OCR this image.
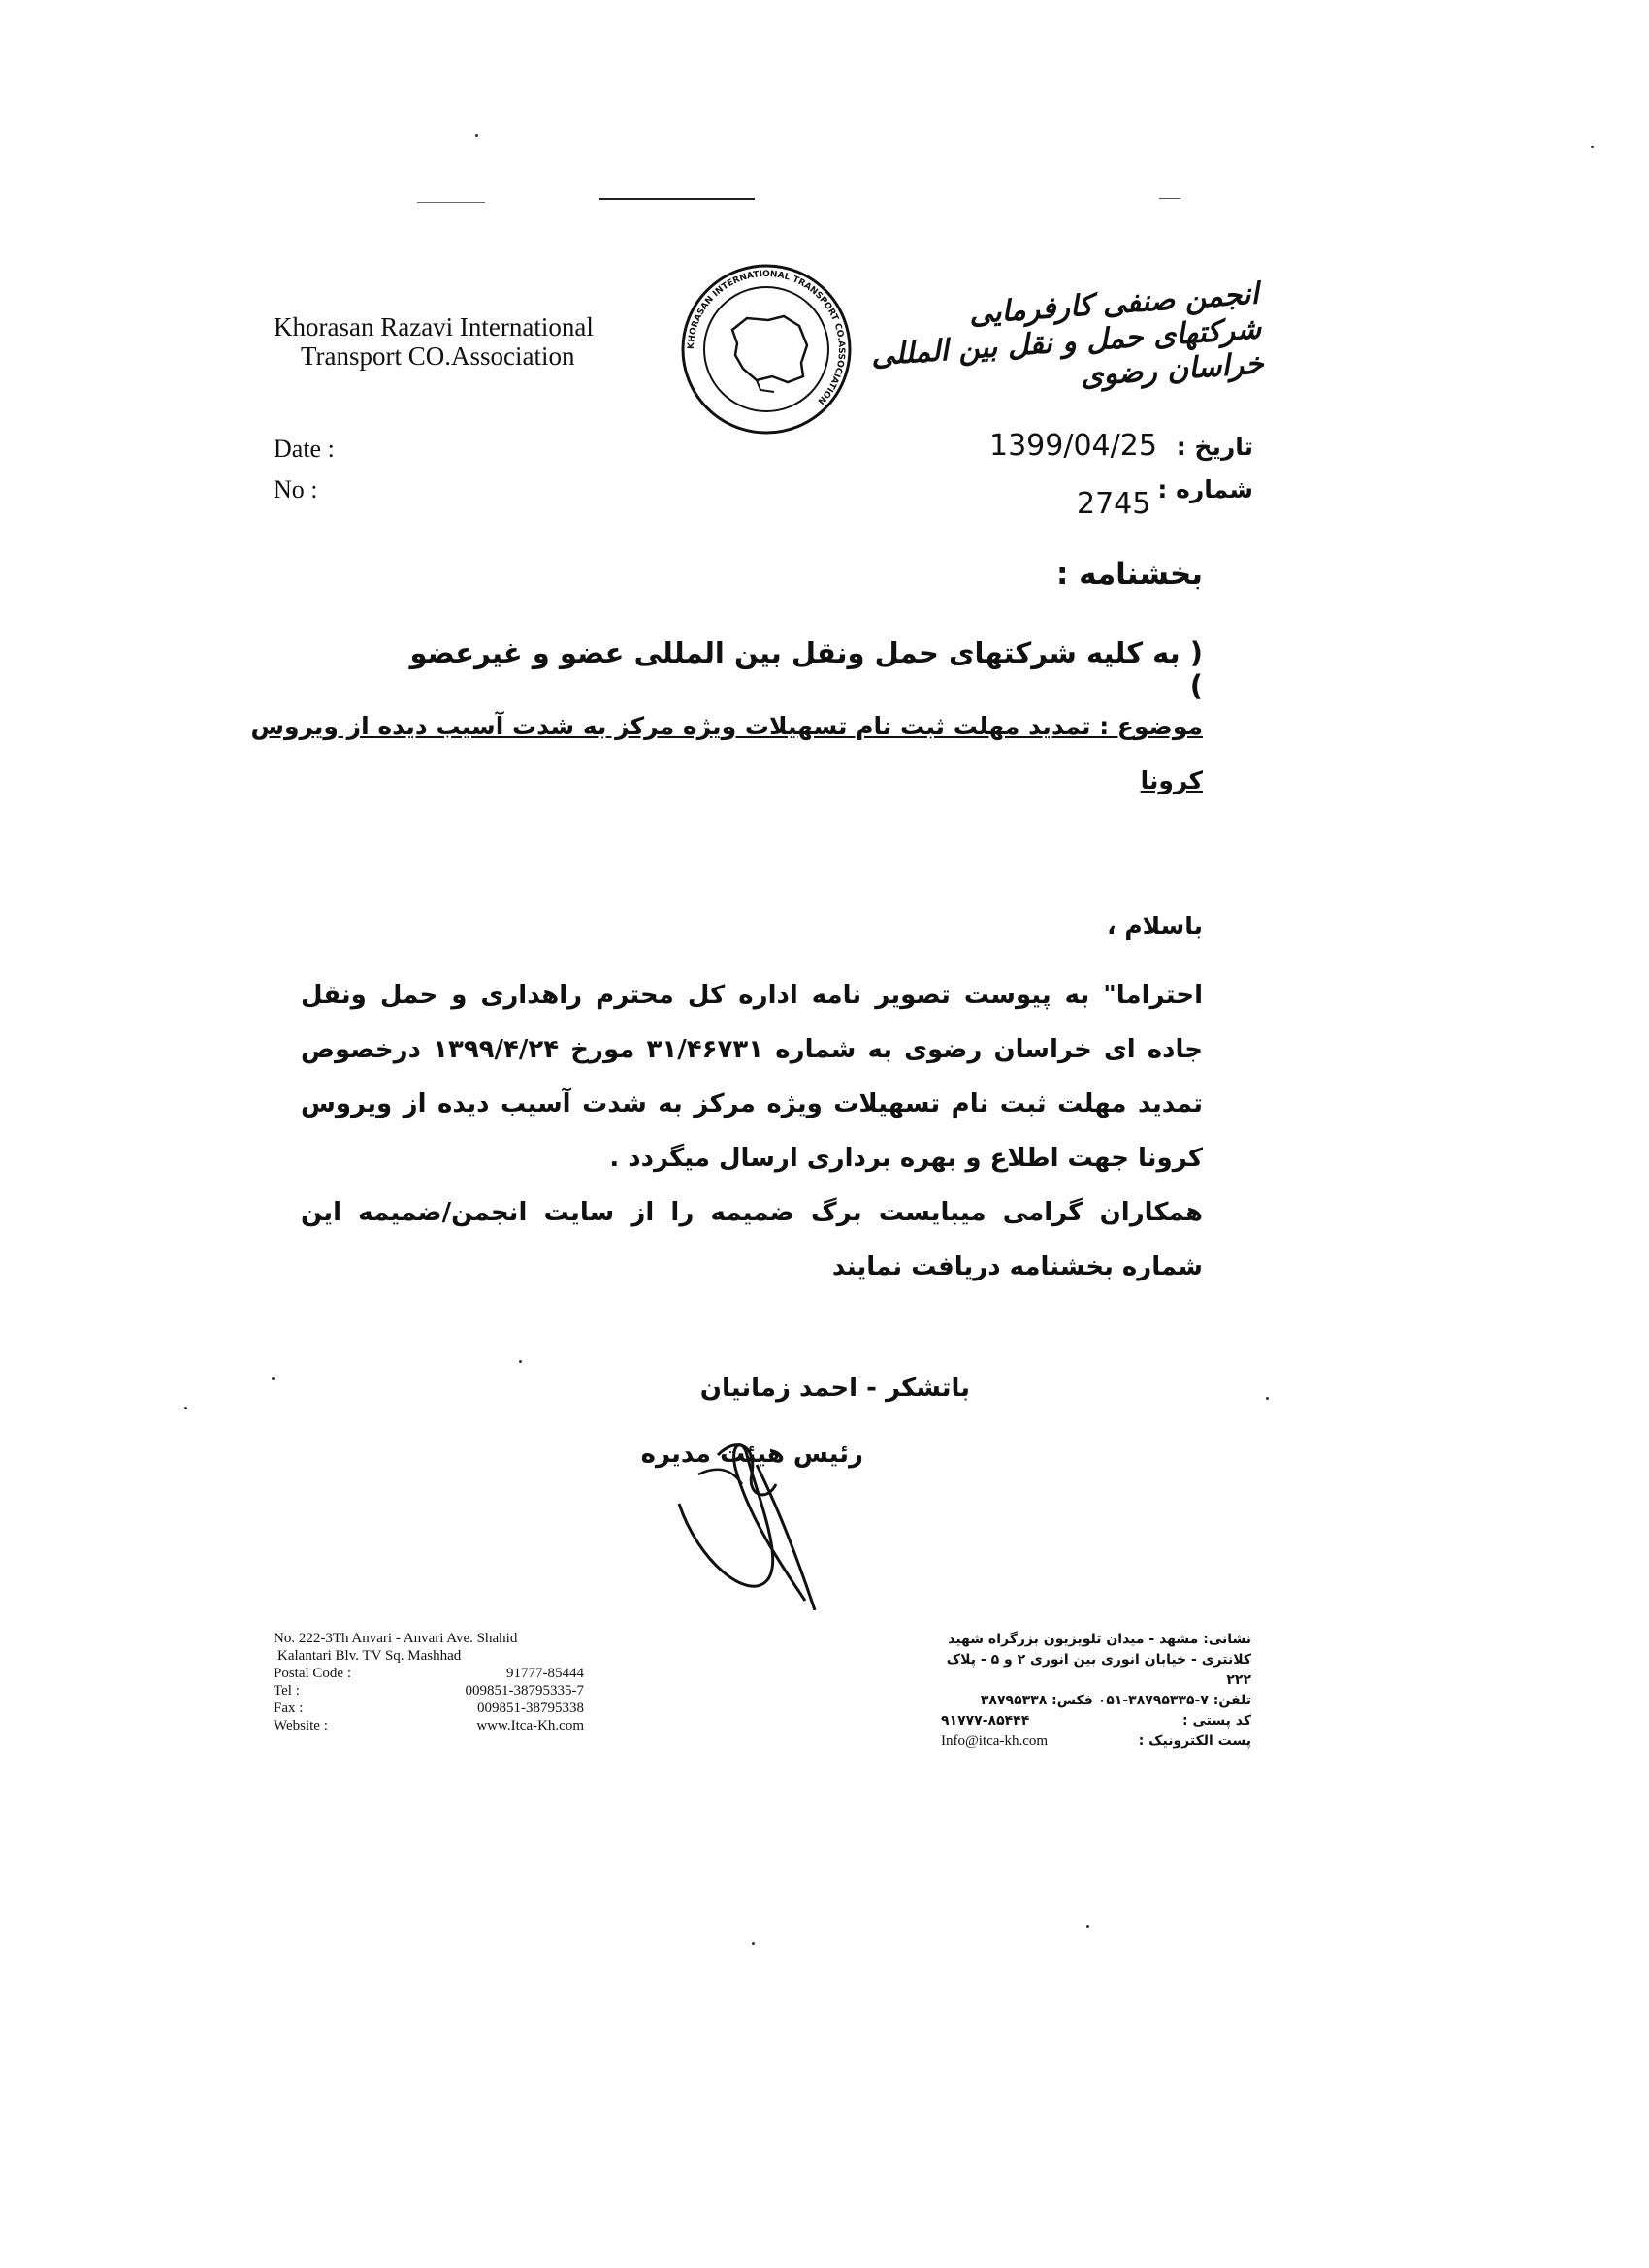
Khorasan Razavi International
Transport CO.Association	KHORASAN INTERNATIONAL TRANSPORT CO.ASSOCIATION
انجمن صنفی کارفرمایی شرکتهای حمل و نقل بین المللی خراسان رضوی
Date :
No :
1399/04/25 تاریخ :
شماره :
2745
بخشنامه :
( به کلیه شرکتهای حمل ونقل بین المللی عضو و غیرعضو )
موضوع : تمدید مهلت ثبت نام تسهیلات ویژه مرکز به شدت آسیب دیده از ویروس
کرونا
باسلام ،
احتراما" به پیوست تصویر نامه اداره کل محترم راهداری و حمل ونقل جاده ای خراسان رضوی به شماره ۳۱/۴۶۷۳۱ مورخ ۱۳۹۹/۴/۲۴ درخصوص تمدید مهلت ثبت نام تسهیلات ویژه مرکز به شدت آسیب دیده از ویروس کرونا جهت اطلاع و بهره برداری ارسال میگردد .
همکاران گرامی میبایست برگ ضمیمه را از سایت انجمن/ضمیمه این شماره بخشنامه دریافت نمایند
باتشکر - احمد زمانیان
رئیس هیئت مدیره
No. 222-3Th Anvari - Anvari Ave. Shahid
Kalantari Blv. TV Sq. Mashhad
Postal Code :	91777-85444
Tel :	009851-38795335-7
Fax :	009851-38795338
Website :	www.Itca-Kh.com
نشانی: مشهد - میدان تلویزیون بزرگراه شهید
کلانتری - خیابان انوری بین انوری ۲ و ۵ - پلاک ۲۲۲
تلفن: ۷-۳۸۷۹۵۳۳۵-۰۵۱ فکس: ۳۸۷۹۵۳۳۸
کد پستی :
۹۱۷۷۷-۸۵۴۴۴
پست الکترونیک :
Info@itca-kh.com
